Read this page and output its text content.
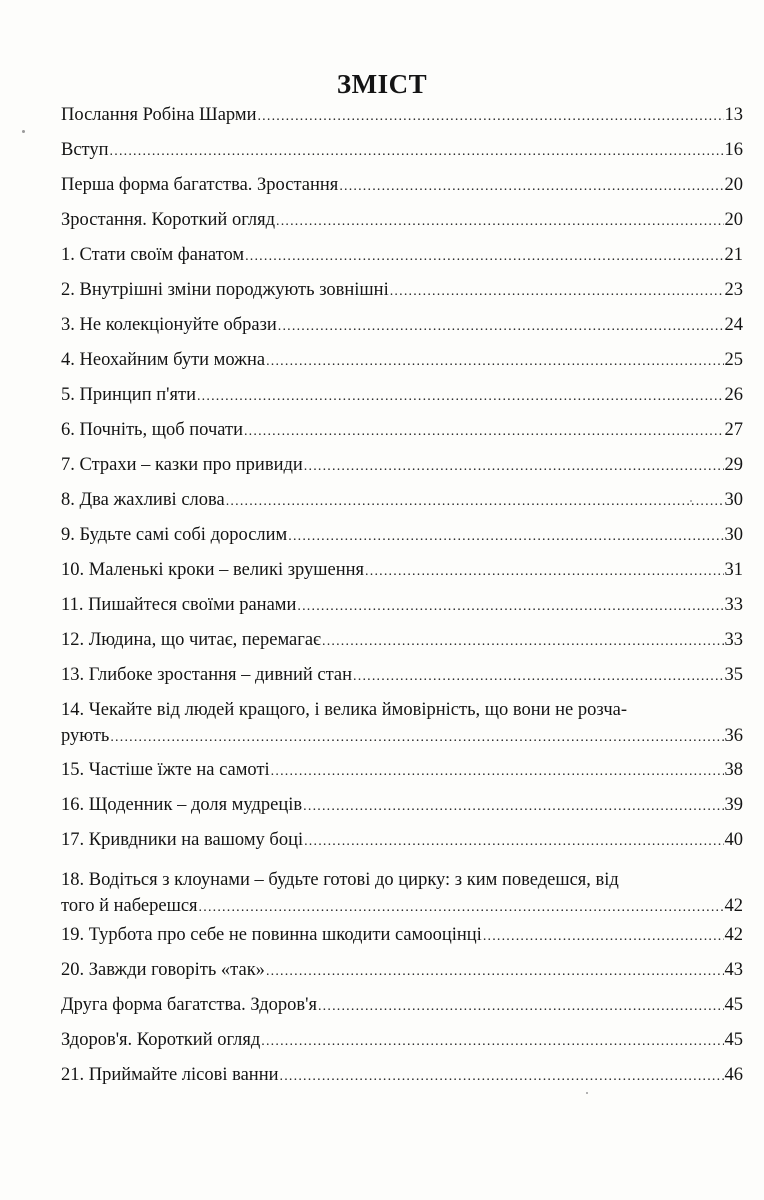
ЗМІСТ
Послання Робіна Шарми .....	13
Вступ .....	16
Перша форма багатства. Зростання .....	20
Зростання. Короткий огляд .....	20
1. Стати своїм фанатом .....	21
2. Внутрішні зміни породжують зовнішні .....	23
3. Не колекціонуйте образи .....	24
4. Неохайним бути можна .....	25
5. Принцип п'яти .....	26
6. Почніть, щоб почати .....	27
7. Страхи – казки про привиди .....	29
8. Два жахливі слова .....	30
9. Будьте самі собі дорослим .....	30
10. Маленькі кроки – великі зрушення .....	31
11. Пишайтеся своїми ранами .....	33
12. Людина, що читає, перемагає .....	33
13. Глибоке зростання – дивний стан .....	35
14. Чекайте від людей кращого, і велика ймовірність, що вони не розча-
рують .....	36
15. Частіше їжте на самоті .....	38
16. Щоденник – доля мудреців .....	39
17. Кривдники на вашому боці .....	40
18. Водіться з клоунами – будьте готові до цирку: з ким поведешся, від
того й наберешся .....	42
19. Турбота про себе не повинна шкодити самооцінці .....	42
20. Завжди говоріть «так» .....	43
Друга форма багатства. Здоров'я .....	45
Здоров'я. Короткий огляд .....	45
21. Приймайте лісові ванни .....	46
